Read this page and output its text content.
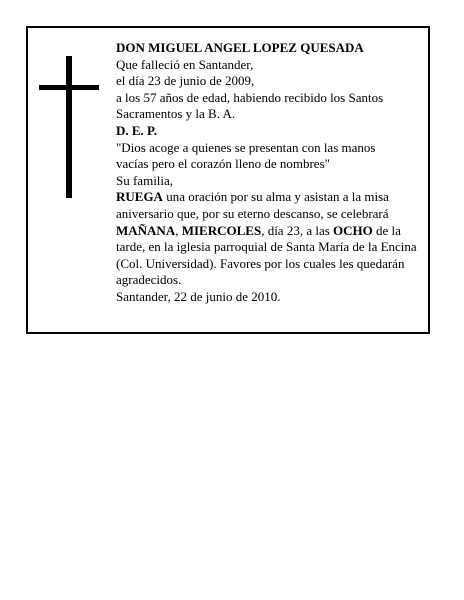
DON MIGUEL ANGEL LOPEZ QUESADA
Que falleció en Santander,
el día 23 de junio de 2009,
a los 57 años de edad, habiendo recibido los Santos
Sacramentos y la B. A.
D. E. P.
"Dios acoge a quienes se presentan con las manos
vacías pero el corazón lleno de nombres"
Su familia,
RUEGA una oración por su alma y asistan a la misa aniversario que, por su eterno descanso, se celebrará MAÑANA, MIERCOLES, día 23, a las OCHO de la tarde, en la iglesia parroquial de Santa María de la Encina (Col. Universidad). Favores por los cuales les quedarán agradecidos.
Santander, 22 de junio de 2010.
